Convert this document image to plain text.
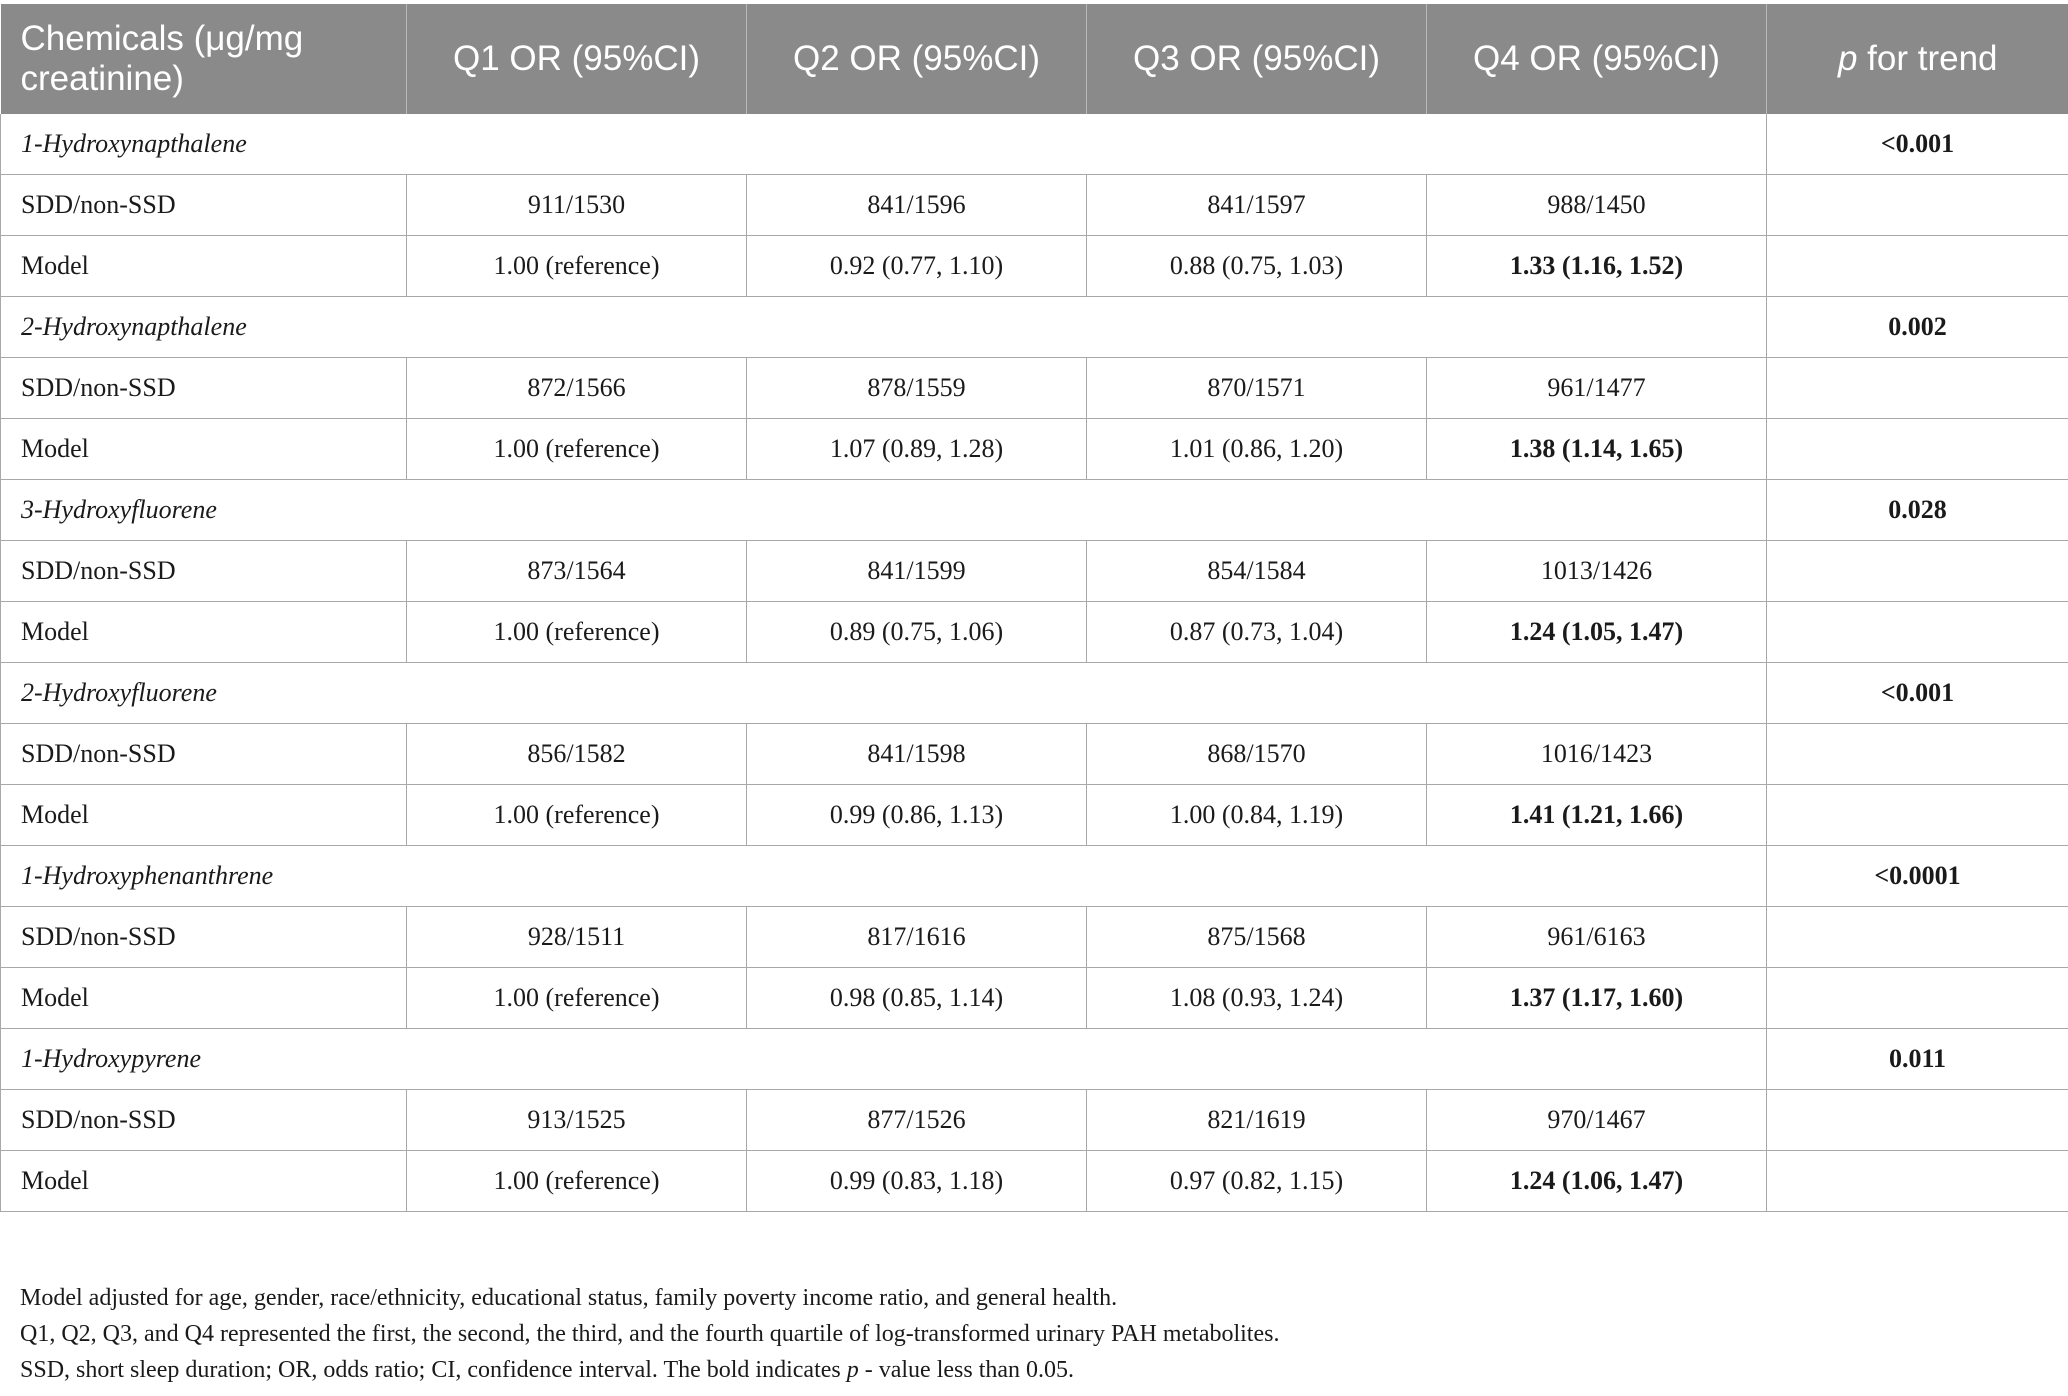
Chemicals (μg/mg creatinine)	Q1 OR (95%CI)	Q2 OR (95%CI)	Q3 OR (95%CI)	Q4 OR (95%CI)	p for trend
1-Hydroxynapthalene					<0.001
SDD/non-SSD	911/1530	841/1596	841/1597	988/1450	
Model	1.00 (reference)	0.92 (0.77, 1.10)	0.88 (0.75, 1.03)	1.33 (1.16, 1.52)	
2-Hydroxynapthalene					0.002
SDD/non-SSD	872/1566	878/1559	870/1571	961/1477	
Model	1.00 (reference)	1.07 (0.89, 1.28)	1.01 (0.86, 1.20)	1.38 (1.14, 1.65)	
3-Hydroxyfluorene					0.028
SDD/non-SSD	873/1564	841/1599	854/1584	1013/1426	
Model	1.00 (reference)	0.89 (0.75, 1.06)	0.87 (0.73, 1.04)	1.24 (1.05, 1.47)	
2-Hydroxyfluorene					<0.001
SDD/non-SSD	856/1582	841/1598	868/1570	1016/1423	
Model	1.00 (reference)	0.99 (0.86, 1.13)	1.00 (0.84, 1.19)	1.41 (1.21, 1.66)	
1-Hydroxyphenanthrene					<0.0001
SDD/non-SSD	928/1511	817/1616	875/1568	961/6163	
Model	1.00 (reference)	0.98 (0.85, 1.14)	1.08 (0.93, 1.24)	1.37 (1.17, 1.60)	
1-Hydroxypyrene					0.011
SDD/non-SSD	913/1525	877/1526	821/1619	970/1467	
Model	1.00 (reference)	0.99 (0.83, 1.18)	0.97 (0.82, 1.15)	1.24 (1.06, 1.47)	

Model adjusted for age, gender, race/ethnicity, educational status, family poverty income ratio, and general health.

Q1, Q2, Q3, and Q4 represented the first, the second, the third, and the fourth quartile of log-transformed urinary PAH metabolites.

SSD, short sleep duration; OR, odds ratio; CI, confidence interval. The bold indicates p - value less than 0.05.
